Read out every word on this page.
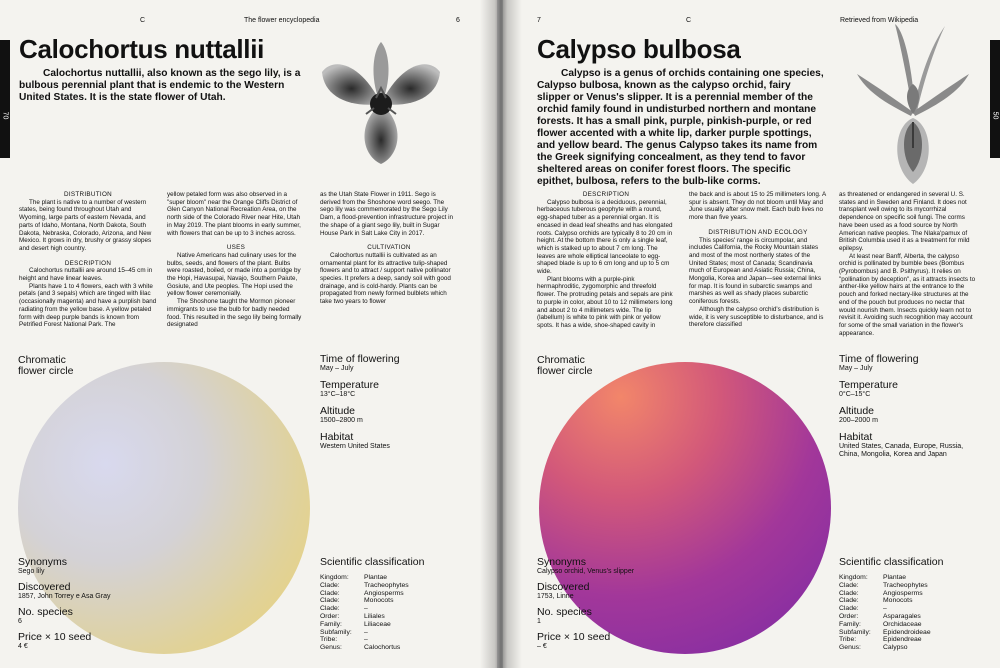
C	The flower encyclopedia	6
70
Calochortus nuttallii

Calochortus nuttallii, also known as the sego lily, is a bulbous perennial plant that is endemic to the Western United States. It is the state flower of Utah.

DISTRIBUTION

The plant is native to a number of western states, being found throughout Utah and Wyoming, large parts of eastern Nevada, and parts of Idaho, Montana, North Dakota, South Dakota, Nebraska, Colorado, Arizona, and New Mexico. It grows in dry, brushy or grassy slopes and desert high country.

DESCRIPTION

Calochortus nuttallii are around 15–45 cm in height and have linear leaves.

Plants have 1 to 4 flowers, each with 3 white petals (and 3 sepals) which are tinged with lilac (occasionally magenta) and have a purplish band radiating from the yellow base. A yellow petaled form with deep purple bands is known from Petrified Forest National Park. The

yellow petaled form was also observed in a "super bloom" near the Orange Cliffs District of Glen Canyon National Recreation Area, on the north side of the Colorado River near Hite, Utah in May 2019. The plant blooms in early summer, with flowers that can be up to 3 inches across.

USES

Native Americans had culinary uses for the bulbs, seeds, and flowers of the plant. Bulbs were roasted, boiled, or made into a porridge by the Hopi, Havasupai, Navajo, Southern Paiute, Gosiute, and Ute peoples. The Hopi used the yellow flower ceremonially.

The Shoshone taught the Mormon pioneer immigrants to use the bulb for badly needed food. This resulted in the sego lily being formally designated

as the Utah State Flower in 1911. Sego is derived from the Shoshone word seego. The sego lily was commemorated by the Sego Lily Dam, a flood-prevention infrastructure project in the shape of a giant sego lily, built in Sugar House Park in Salt Lake City in 2017.

CULTIVATION

Calochortus nuttallii is cultivated as an ornamental plant for its attractive tulip-shaped flowers and to attract / support native pollinator species. It prefers a deep, sandy soil with good drainage, and is cold-hardy. Plants can be propagated from newly formed bulblets which take two years to flower

Chromatic
flower circle
Time of flowering
May – July
Temperature
13°C–18°C
Altitude
1500–2800 m
Habitat
Western United States
Synonyms
Sego lily
Discovered
1857, John Torrey e Asa Gray
No. species
6
Price × 10 seed
4 €
Scientific classification
Kingdom:	Plantae
Clade:	Tracheophytes
Clade:	Angiosperms
Clade:	Monocots
Clade:	–
Order:	Liliales
Family:	Liliaceae
Subfamily:	–
Tribe:	–
Genus:	Calochortus
7	C	Retrieved from Wikipedia
50
Calypso bulbosa

Calypso is a genus of orchids containing one species, Calypso bulbosa, known as the calypso orchid, fairy slipper or Venus's slipper. It is a perennial member of the orchid family found in undisturbed northern and montane forests. It has a small pink, purple, pinkish-purple, or red flower accented with a white lip, darker purple spottings, and yellow beard. The genus Calypso takes its name from the Greek signifying concealment, as they tend to favor sheltered areas on conifer forest floors. The specific epithet, bulbosa, refers to the bulb-like corms.

DESCRIPTION

Calypso bulbosa is a deciduous, perennial, herbaceous tuberous geophyte with a round, egg-shaped tuber as a perennial organ. It is encased in dead leaf sheaths and has elongated roots. Calypso orchids are typically 8 to 20 cm in height. At the bottom there is only a single leaf, which is stalked up to about 7 cm long. The leaves are whole elliptical lanceolate to egg-shaped blade is up to 6 cm long and up to 5 cm wide.

Plant blooms with a purple-pink hermaphroditic, zygomorphic and threefold flower. The protruding petals and sepals are pink to purple in color, about 10 to 12 millimeters long and about 2 to 4 millimeters wide. The lip (labellum) is white to pink with pink or yellow spots. It has a wide, shoe-shaped cavity in

the back and is about 15 to 25 millimeters long. A spur is absent. They do not bloom until May and June usually after snow melt. Each bulb lives no more than five years.

DISTRIBUTION AND ECOLOGY

This species' range is circumpolar, and includes California, the Rocky Mountain states and most of the most northerly states of the United States; most of Canada; Scandinavia much of European and Asiatic Russia; China, Mongolia, Korea and Japan—see external links for map. It is found in subarctic swamps and marshes as well as shady places subarctic coniferous forests.

Although the calypso orchid's distribution is wide, it is very susceptible to disturbance, and is therefore classified

as threatened or endangered in several U. S. states and in Sweden and Finland. It does not transplant well owing to its mycorrhizal dependence on specific soil fungi. The corms have been used as a food source by North American native peoples. The Nlaka'pamux of British Columbia used it as a treatment for mild epilepsy.

At least near Banff, Alberta, the calypso orchid is pollinated by bumble bees (Bombus (Pyrobombus) and B. Psithyrus). It relies on "pollination by deception", as it attracts insects to anther-like yellow hairs at the entrance to the pouch and forked nectary-like structures at the end of the pouch but produces no nectar that would nourish them. Insects quickly learn not to revisit it. Avoiding such recognition may account for some of the small variation in the flower's appearance.

Chromatic
flower circle
Time of flowering
May – July
Temperature
0°C–15°C
Altitude
200–2000 m
Habitat
United States, Canada, Europe, Russia, China, Mongolia, Korea and Japan
Synonyms
Calypso orchid, Venus's slipper
Discovered
1753, Linne
No. species
1
Price × 10 seed
– €
Scientific classification
Kingdom:	Plantae
Clade:	Tracheophytes
Clade:	Angiosperms
Clade:	Monocots
Clade:	–
Order:	Asparagales
Family:	Orchidaceae
Subfamily:	Epidendroideae
Tribe:	Epidendreae
Genus:	Calypso
